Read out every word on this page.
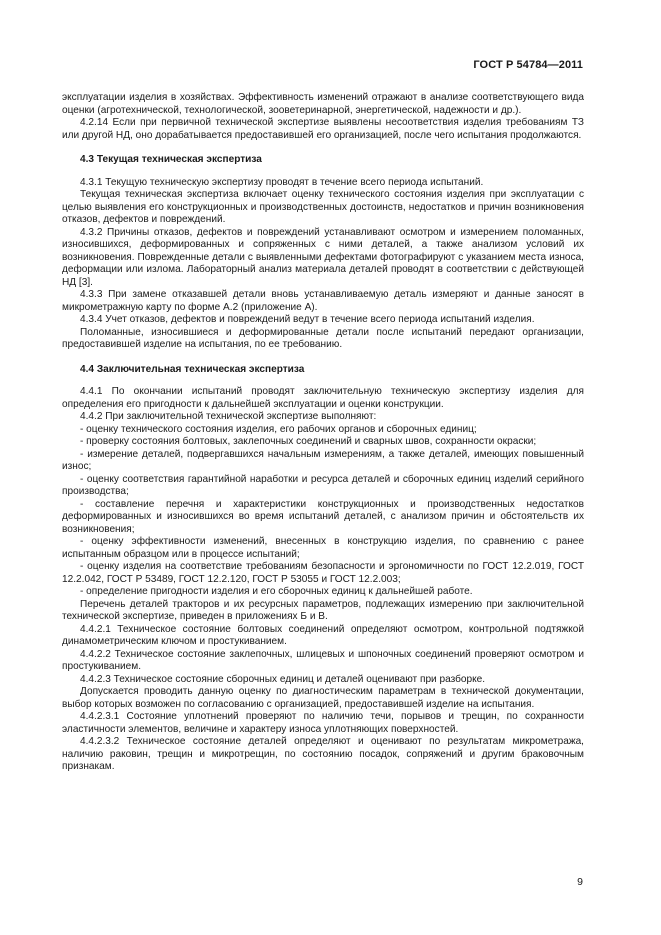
ГОСТ Р 54784—2011

эксплуатации изделия в хозяйствах. Эффективность изменений отражают в анализе соответствующего вида оценки (агротехнической, технологической, зооветеринарной, энергетической, надежности и др.).

4.2.14 Если при первичной технической экспертизе выявлены несоответствия изделия требованиям ТЗ или другой НД, оно дорабатывается предоставившей его организацией, после чего испытания продолжаются.

4.3 Текущая техническая экспертиза

4.3.1 Текущую техническую экспертизу проводят в течение всего периода испытаний.

Текущая техническая экспертиза включает оценку технического состояния изделия при эксплуатации с целью выявления его конструкционных и производственных достоинств, недостатков и причин возникновения отказов, дефектов и повреждений.

4.3.2 Причины отказов, дефектов и повреждений устанавливают осмотром и измерением поломанных, износившихся, деформированных и сопряженных с ними деталей, а также анализом условий их возникновения. Поврежденные детали с выявленными дефектами фотографируют с указанием места износа, деформации или излома. Лабораторный анализ материала деталей проводят в соответствии с действующей НД [3].

4.3.3 При замене отказавшей детали вновь устанавливаемую деталь измеряют и данные заносят в микрометражную карту по форме А.2 (приложение А).

4.3.4 Учет отказов, дефектов и повреждений ведут в течение всего периода испытаний изделия.

Поломанные, износившиеся и деформированные детали после испытаний передают организации, предоставившей изделие на испытания, по ее требованию.

4.4 Заключительная техническая экспертиза

4.4.1 По окончании испытаний проводят заключительную техническую экспертизу изделия для определения его пригодности к дальнейшей эксплуатации и оценки конструкции.

4.4.2 При заключительной технической экспертизе выполняют:

- оценку технического состояния изделия, его рабочих органов и сборочных единиц;

- проверку состояния болтовых, заклепочных соединений и сварных швов, сохранности окраски;

- измерение деталей, подвергавшихся начальным измерениям, а также деталей, имеющих повышенный износ;

- оценку соответствия гарантийной наработки и ресурса деталей и сборочных единиц изделий серийного производства;

- составление перечня и характеристики конструкционных и производственных недостатков деформированных и износившихся во время испытаний деталей, с анализом причин и обстоятельств их возникновения;

- оценку эффективности изменений, внесенных в конструкцию изделия, по сравнению с ранее испытанным образцом или в процессе испытаний;

- оценку изделия на соответствие требованиям безопасности и эргономичности по ГОСТ 12.2.019, ГОСТ 12.2.042, ГОСТ Р 53489, ГОСТ 12.2.120, ГОСТ Р 53055 и ГОСТ 12.2.003;

- определение пригодности изделия и его сборочных единиц к дальнейшей работе.

Перечень деталей тракторов и их ресурсных параметров, подлежащих измерению при заключительной технической экспертизе, приведен в приложениях Б и В.

4.4.2.1 Техническое состояние болтовых соединений определяют осмотром, контрольной подтяжкой динамометрическим ключом и простукиванием.

4.4.2.2 Техническое состояние заклепочных, шлицевых и шпоночных соединений проверяют осмотром и простукиванием.

4.4.2.3 Техническое состояние сборочных единиц и деталей оценивают при разборке.

Допускается проводить данную оценку по диагностическим параметрам в технической документации, выбор которых возможен по согласованию с организацией, предоставившей изделие на испытания.

4.4.2.3.1 Состояние уплотнений проверяют по наличию течи, порывов и трещин, по сохранности эластичности элементов, величине и характеру износа уплотняющих поверхностей.

4.4.2.3.2 Техническое состояние деталей определяют и оценивают по результатам микрометража, наличию раковин, трещин и микротрещин, по состоянию посадок, сопряжений и другим браковочным признакам.

9
